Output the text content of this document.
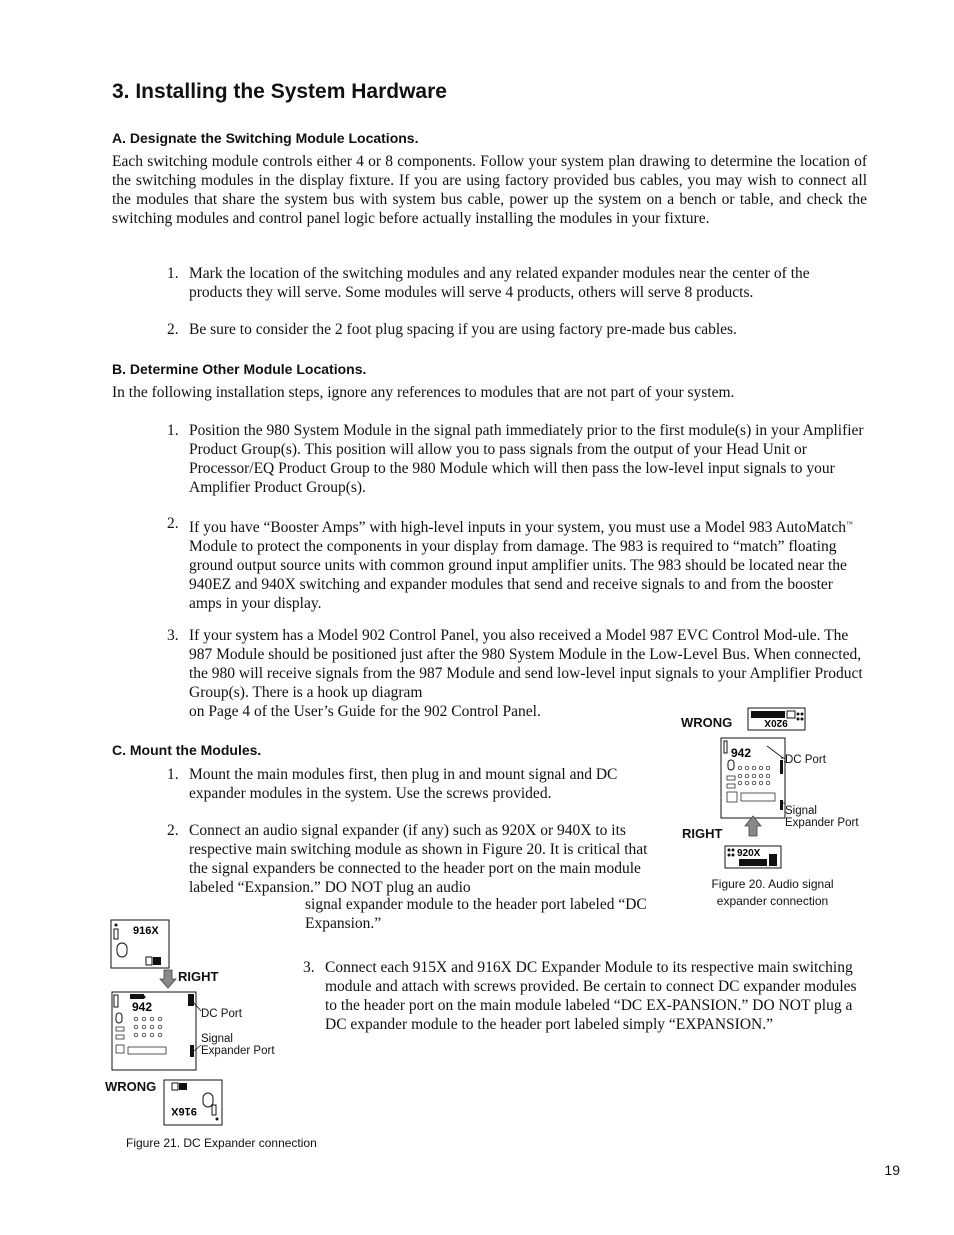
3. Installing the System Hardware
A. Designate the Switching Module Locations.

Each switching module controls either 4 or 8 components. Follow your system plan drawing to determine the location of the switching modules in the display fixture. If you are using factory provided bus cables, you may wish to connect all the modules that share the system bus with system bus cable, power up the system on a bench or table, and check the switching modules and control panel logic before actually installing the modules in your fixture.

1. Mark the location of the switching modules and any related expander modules near the center of the products they will serve. Some modules will serve 4 products, others will serve 8 products.
2. Be sure to consider the 2 foot plug spacing if you are using factory pre-made bus cables.
B. Determine Other Module Locations.

In the following installation steps, ignore any references to modules that are not part of your system.

1. Position the 980 System Module in the signal path immediately prior to the first module(s) in your Amplifier Product Group(s). This position will allow you to pass signals from the output of your Head Unit or Processor/EQ Product Group to the 980 Module which will then pass the low-level input signals to your Amplifier Product Group(s).
2. If you have “Booster Amps” with high-level inputs in your system, you must use a Model 983 AutoMatch™ Module to protect the components in your display from damage. The 983 is required to “match” floating ground output source units with common ground input amplifier units. The 983 should be located near the 940EZ and 940X switching and expander modules that send and receive signals to and from the booster amps in your display.
3. If your system has a Model 902 Control Panel, you also received a Model 987 EVC Control Mod-ule. The 987 Module should be positioned just after the 980 System Module in the Low-Level Bus. When connected, the 980 will receive signals from the 987 Module and send low-level input signals to your Amplifier Product Group(s). There is a hook up diagram
on Page 4 of the User’s Guide for the 902 Control Panel.
C. Mount the Modules.
1. Mount the main modules first, then plug in and mount signal and DC expander modules in the system. Use the screws provided.
2. Connect an audio signal expander (if any) such as 920X or 940X to its respective main switching module as shown in Figure 20. It is critical that the signal expanders be connected to the header port on the main module labeled “Expansion.” DO NOT plug an audio
signal expander module to the header port labeled “DC Expansion.”
3. Connect each 915X and 916X DC Expander Module to its respective main switching module and attach with screws provided. Be certain to connect DC expander modules to the header port on the main module labeled “DC EX-PANSION.” DO NOT plug a DC expander module to the header port labeled simply “EXPANSION.”
WRONG	920X
942
920X
DC Port
Signal
Expander Port
RIGHT
Figure 20. Audio signal
expander connection
916X
942
916X
RIGHT
DC Port
Signal
Expander Port
WRONG
Figure 21. DC Expander connection
19
